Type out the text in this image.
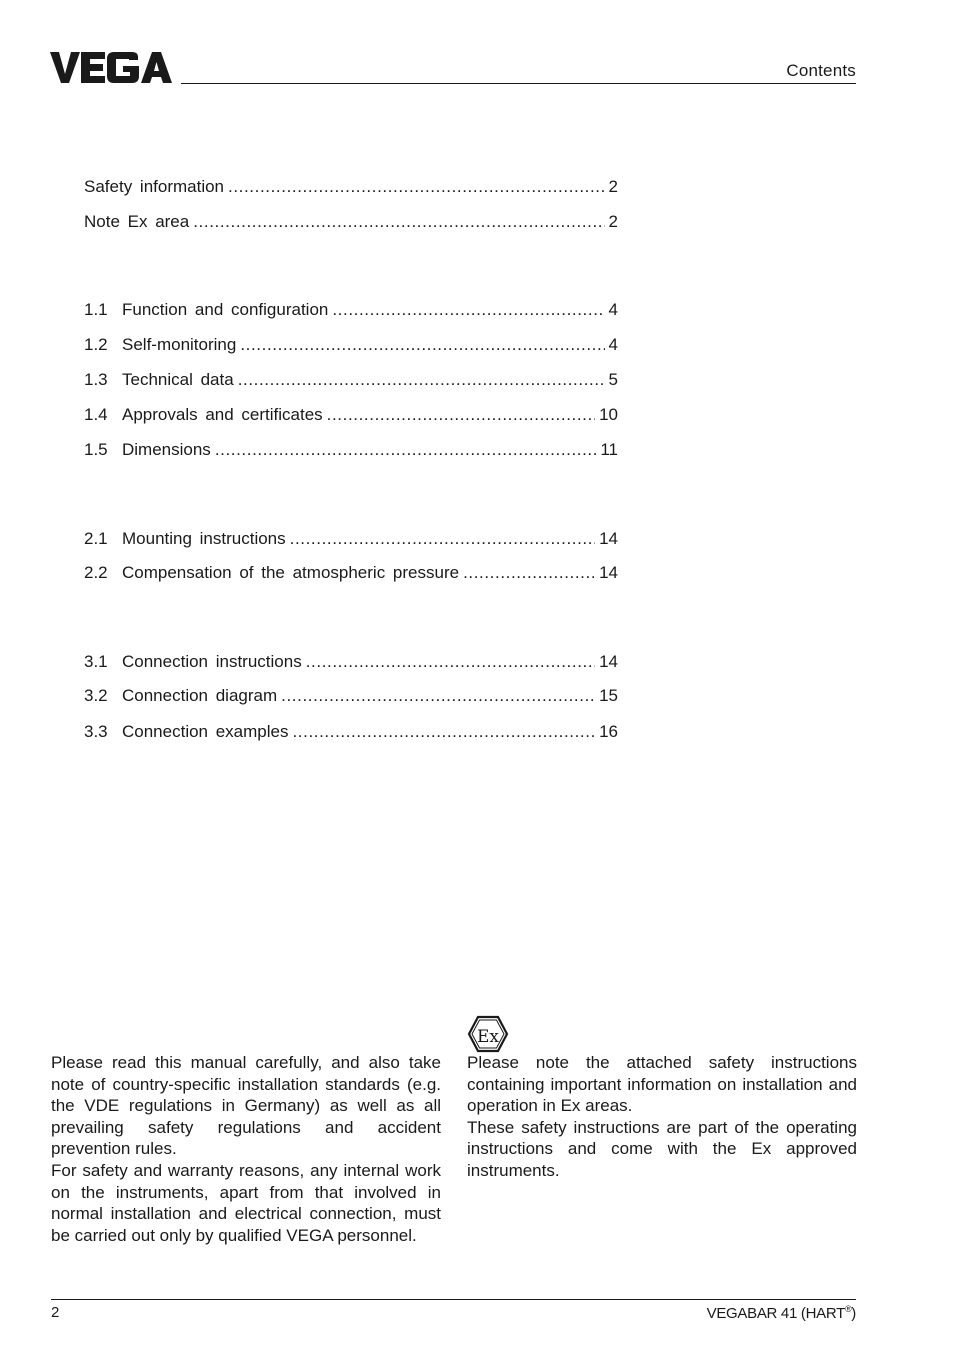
Contents
Safety information .....	2
Note Ex area .....	2
1.1 Function and configuration .....	4
1.2 Self-monitoring .....	4
1.3 Technical data .....	5
1.4 Approvals and certificates .....	10
1.5 Dimensions .....	11
2.1 Mounting instructions .....	14
2.2 Compensation of the atmospheric pressure .....	14
3.1 Connection instructions .....	14
3.2 Connection diagram .....	15
3.3 Connection examples .....	16
Ex

Please read this manual carefully, and also take note of country-specific installation standards (e.g. the VDE regulations in Germany) as well as all prevailing safety regulations and accident prevention rules.

For safety and warranty reasons, any internal work on the instruments, apart from that involved in normal installation and electrical connection, must be carried out only by qualified VEGA personnel.

Please note the attached safety instructions containing important information on installation and operation in Ex areas.

These safety instructions are part of the operating instructions and come with the Ex approved instruments.

2	VEGABAR 41 (HART®)
